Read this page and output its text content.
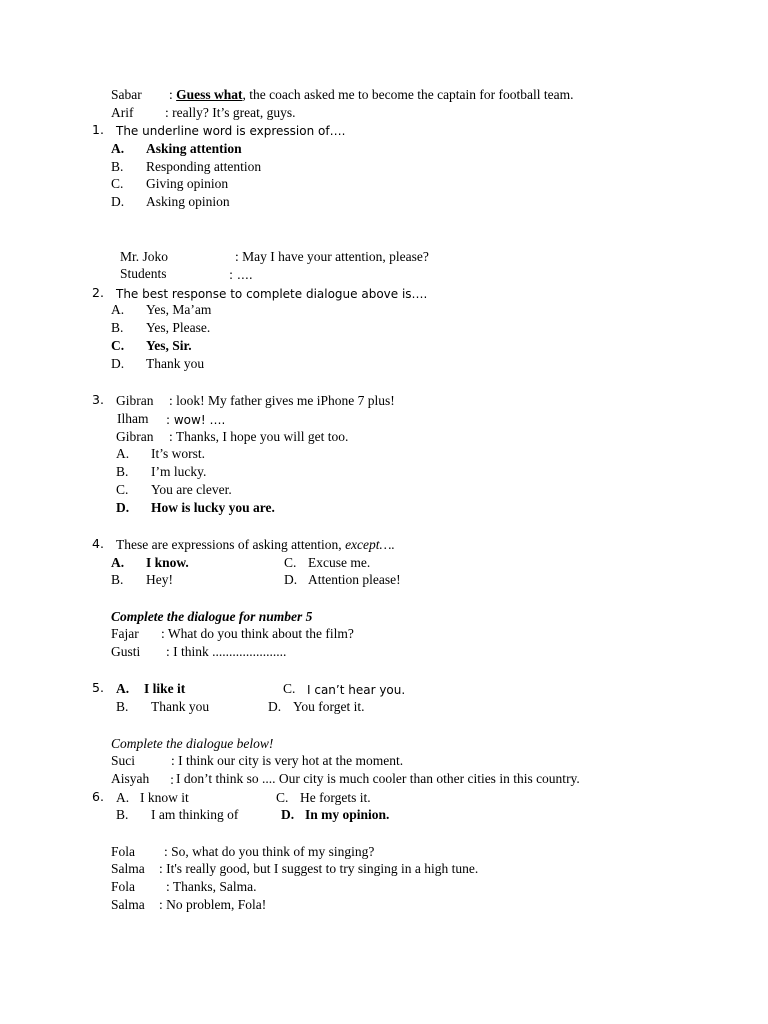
Sabar : Guess what, the coach asked me to become the captain for football team.
Arif : really? It’s great, guys.
1. The underline word is expression of….
A. Asking attention
B. Responding attention
C. Giving opinion
D. Asking opinion
Mr. Joko	: May I have your attention, please?
Students	: ….
2. The best response to complete dialogue above is….
A. Yes, Ma’am
B. Yes, Please.
C. Yes, Sir.
D. Thank you
3. Gibran : look! My father gives me iPhone 7 plus!
Ilham : wow! ….
Gibran : Thanks, I hope you will get too.
A. It’s worst.
B. I’m lucky.
C. You are clever.
D. How is lucky you are.
4. These are expressions of asking attention, except….
A. I know.	C. Excuse me.
B. Hey!	D. Attention please!
Complete the dialogue for number 5
Fajar : What do you think about the film?
Gusti : I think ......................
5. A. I like it	C. I can’t hear you.
B. Thank you	D. You forget it.
Complete the dialogue below!
Suci	: I think our city is very hot at the moment.
Aisyah : I don’t think so .... Our city is much cooler than other cities in this country.
6. A. I know it	C. He forgets it.
B. I am thinking of	D. In my opinion.
Fola : So, what do you think of my singing?
Salma : It's really good, but I suggest to try singing in a high tune.
Fola : Thanks, Salma.
Salma : No problem, Fola!
